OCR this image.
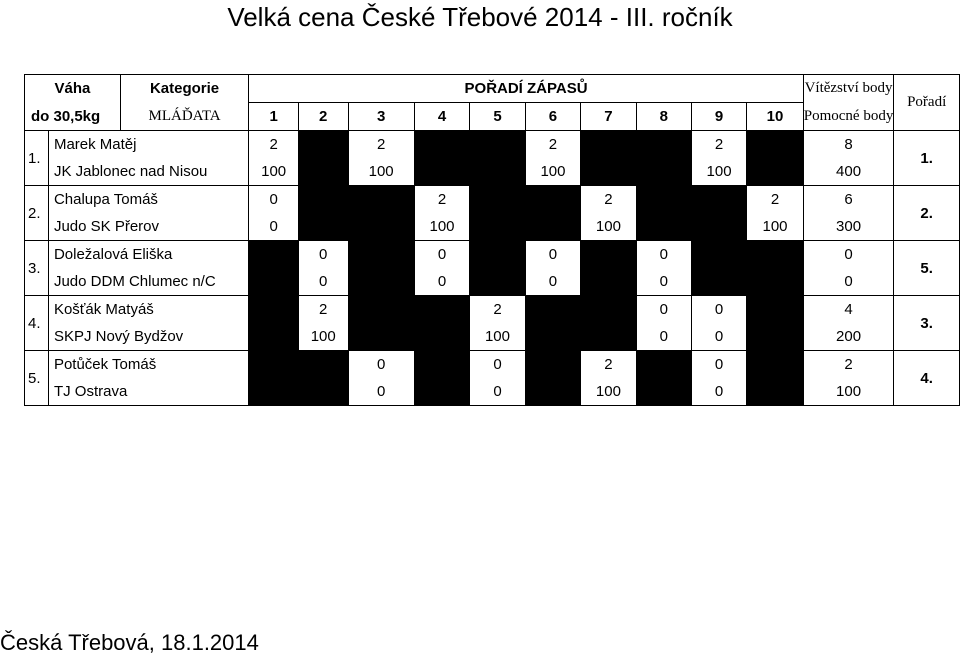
Velká cena České Třebové 2014 - III. ročník
Váha		Kategorie	POŘADÍ ZÁPASŮ										Vítězství body	Pořadí
do 30,5kg		MLÁĎATA	1	2	3	4	5	6	7	8	9	10	Pomocné body	
1.	Marek Matěj		2		2			2			2		8	1.
	JK Jablonec nad Nisou		100		100			100			100		400	
2.	Chalupa Tomáš		0			2			2			2	6	2.
	Judo SK Přerov		0			100			100			100	300	
3.	Doležalová Eliška			0		0		0		0			0	5.
	Judo DDM Chlumec n/C			0		0		0		0			0	
4.	Košťák Matyáš			2			2			0	0		4	3.
	SKPJ Nový Bydžov			100			100			0	0		200	
5.	Potůček Tomáš				0		0		2		0		2	4.
	TJ Ostrava				0		0		100		0		100	
Česká Třebová, 18.1.2014
